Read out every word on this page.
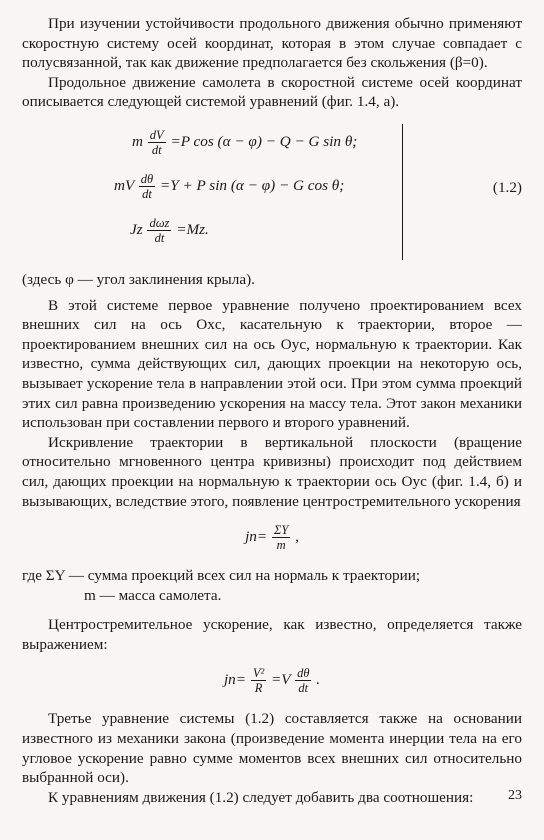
При изучении устойчивости продольного движения обычно применяют скоростную систему осей координат, которая в этом случае совпадает с полусвязанной, так как движение предполагается без скольжения (β=0).

Продольное движение самолета в скоростной системе осей координат описывается следующей системой уравнений (фиг. 1.4, а).

m $\frac{dV}{dt} =P$ cos (α − φ) − Q − G sin θ;
mV $\frac{d\theta}{dt} =Y + P$ sin (α − φ) − G cos θ;
Jz $\frac{\text{dωz}}{dt} =Mz$.
(1.2)

(здесь φ — угол заклинения крыла).

В этой системе первое уравнение получено проектированием всех внешних сил на ось Oxc, касательную к траектории, второе — проектированием внешних сил на ось Oyc, нормальную к траектории. Как известно, сумма действующих сил, дающих проекции на некоторую ось, вызывает ускорение тела в направлении этой оси. При этом сумма проекций этих сил равна произведению ускорения на массу тела. Этот закон механики использован при составлении первого и второго уравнений.

Искривление траектории в вертикальной плоскости (вращение относительно мгновенного центра кривизны) происходит под действием сил, дающих проекции на нормальную к траектории ось Oyc (фиг. 1.4, б) и вызывающих, вследствие этого, появление центростремительного ускорения

$jn= \frac{\Sigma Y}{m}$ ,

где ΣY — сумма проекций всех сил на нормаль к траектории;

m — масса самолета.

Центростремительное ускорение, как известно, определяется также выражением:

$jn= \frac{\text{V²}}{R} =V \frac{d\theta}{dt}$ .

Третье уравнение системы (1.2) составляется также на основании известного из механики закона (произведение момента инерции тела на его угловое ускорение равно сумме моментов всех внешних сил относительно выбранной оси).

К уравнениям движения (1.2) следует добавить два соотношения:	23
